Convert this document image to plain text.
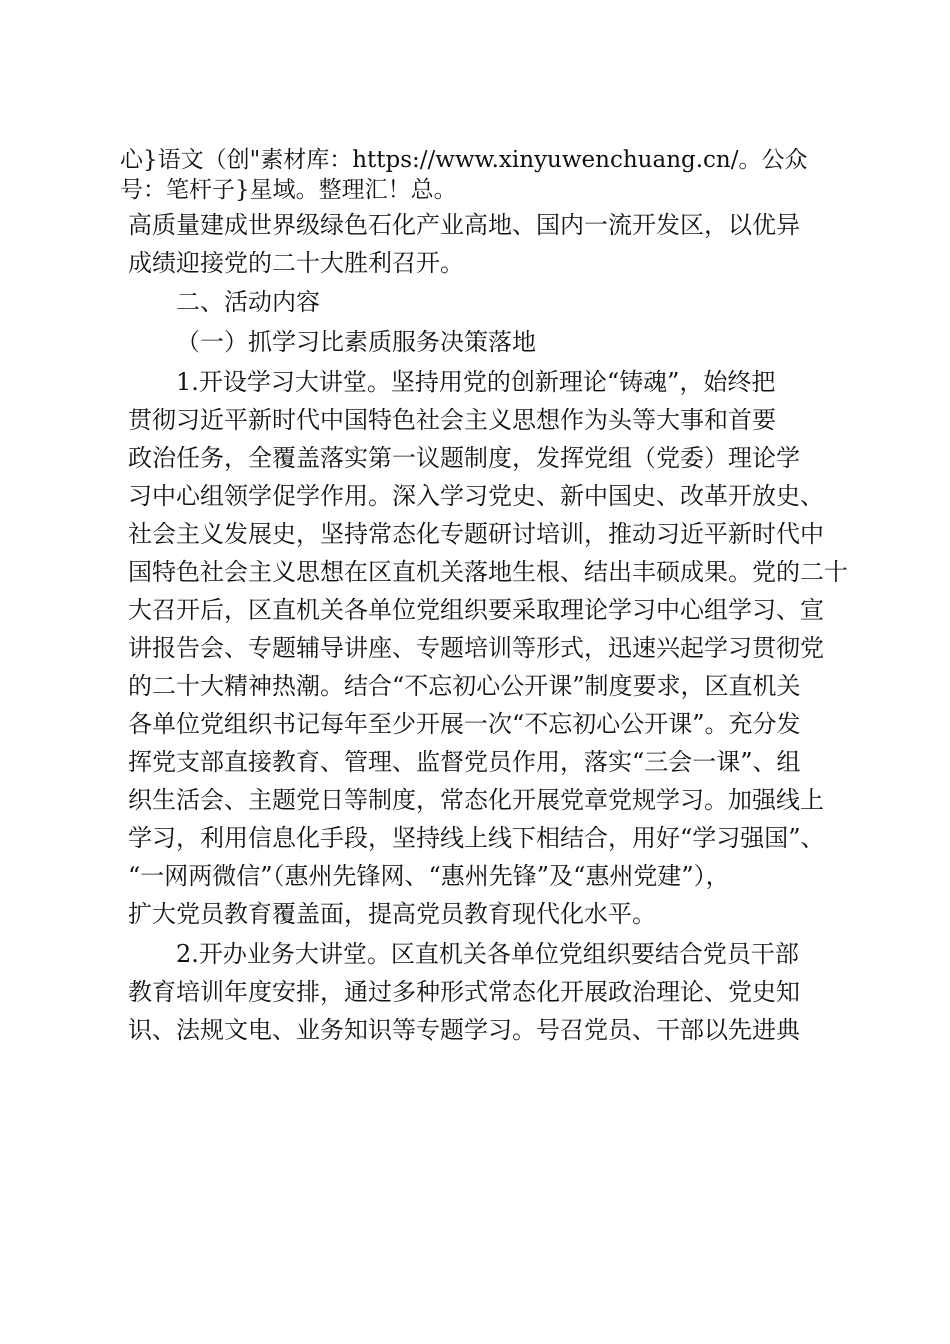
心}语文（创"素材库：https://www.xinyuwenchuang.cn/。公众
号：笔杆子}星域。整理汇！总。
高质量建成世界级绿色石化产业高地、国内一流开发区，以优异
成绩迎接党的二十大胜利召开。
二、活动内容
（一）抓学习比素质服务决策落地
1.开设学习大讲堂。坚持用党的创新理论“铸魂”，始终把
贯彻习近平新时代中国特色社会主义思想作为头等大事和首要
政治任务，全覆盖落实第一议题制度，发挥党组（党委）理论学
习中心组领学促学作用。深入学习党史、新中国史、改革开放史、
社会主义发展史，坚持常态化专题研讨培训，推动习近平新时代中
国特色社会主义思想在区直机关落地生根、结出丰硕成果。党的二十
大召开后，区直机关各单位党组织要采取理论学习中心组学习、宣
讲报告会、专题辅导讲座、专题培训等形式，迅速兴起学习贯彻党
的二十大精神热潮。结合“不忘初心公开课”制度要求，区直机关
各单位党组织书记每年至少开展一次“不忘初心公开课”。充分发
挥党支部直接教育、管理、监督党员作用，落实“三会一课”、组
织生活会、主题党日等制度，常态化开展党章党规学习。加强线上
学习，利用信息化手段，坚持线上线下相结合，用好“学习强国”、
“一网两微信”（惠州先锋网、“惠州先锋”及“惠州党建”），
扩大党员教育覆盖面，提高党员教育现代化水平。
2.开办业务大讲堂。区直机关各单位党组织要结合党员干部
教育培训年度安排，通过多种形式常态化开展政治理论、党史知
识、法规文电、业务知识等专题学习。号召党员、干部以先进典
